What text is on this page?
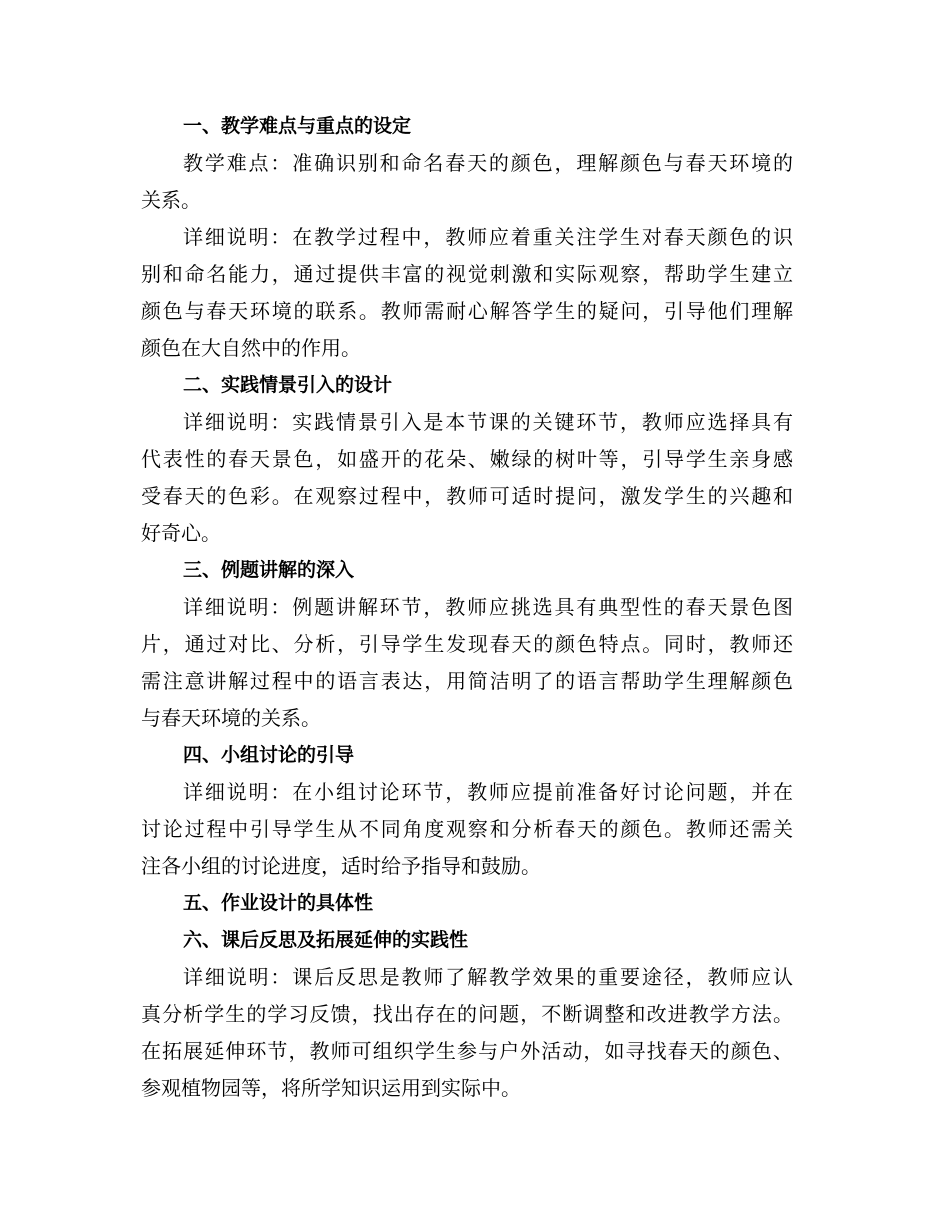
一、教学难点与重点的设定
教学难点：准确识别和命名春天的颜色，理解颜色与春天环境的
关系。
详细说明：在教学过程中，教师应着重关注学生对春天颜色的识
别和命名能力，通过提供丰富的视觉刺激和实际观察，帮助学生建立
颜色与春天环境的联系。教师需耐心解答学生的疑问，引导他们理解
颜色在大自然中的作用。
二、实践情景引入的设计
详细说明：实践情景引入是本节课的关键环节，教师应选择具有
代表性的春天景色，如盛开的花朵、嫩绿的树叶等，引导学生亲身感
受春天的色彩。在观察过程中，教师可适时提问，激发学生的兴趣和
好奇心。
三、例题讲解的深入
详细说明：例题讲解环节，教师应挑选具有典型性的春天景色图
片，通过对比、分析，引导学生发现春天的颜色特点。同时，教师还
需注意讲解过程中的语言表达，用简洁明了的语言帮助学生理解颜色
与春天环境的关系。
四、小组讨论的引导
详细说明：在小组讨论环节，教师应提前准备好讨论问题，并在
讨论过程中引导学生从不同角度观察和分析春天的颜色。教师还需关
注各小组的讨论进度，适时给予指导和鼓励。
五、作业设计的具体性
六、课后反思及拓展延伸的实践性
详细说明：课后反思是教师了解教学效果的重要途径，教师应认
真分析学生的学习反馈，找出存在的问题，不断调整和改进教学方法。
在拓展延伸环节，教师可组织学生参与户外活动，如寻找春天的颜色、
参观植物园等，将所学知识运用到实际中。
